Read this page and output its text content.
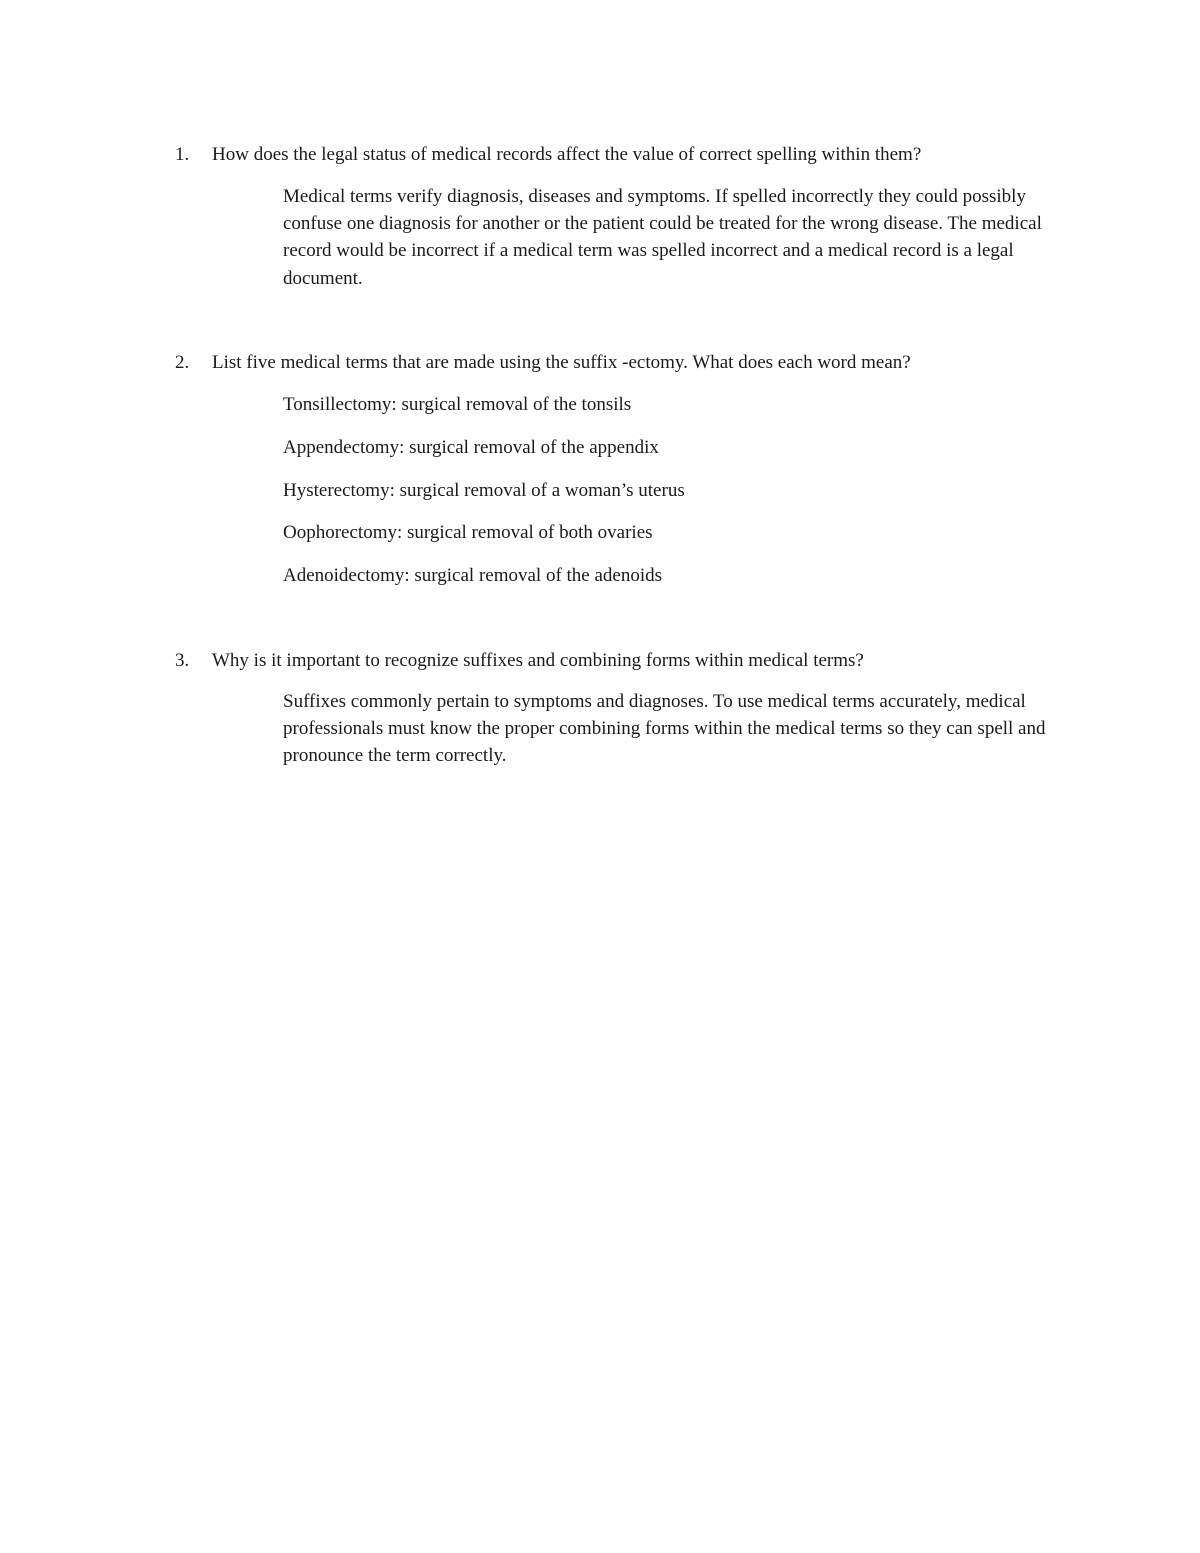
1. How does the legal status of medical records affect the value of correct spelling within them?
Medical terms verify diagnosis, diseases and symptoms. If spelled incorrectly they could possibly confuse one diagnosis for another or the patient could be treated for the wrong disease. The medical record would be incorrect if a medical term was spelled incorrect and a medical record is a legal document.
2. List five medical terms that are made using the suffix -ectomy. What does each word mean?
Tonsillectomy: surgical removal of the tonsils
Appendectomy: surgical removal of the appendix
Hysterectomy: surgical removal of a woman’s uterus
Oophorectomy: surgical removal of both ovaries
Adenoidectomy: surgical removal of the adenoids
3. Why is it important to recognize suffixes and combining forms within medical terms?
Suffixes commonly pertain to symptoms and diagnoses. To use medical terms accurately, medical professionals must know the proper combining forms within the medical terms so they can spell and pronounce the term correctly.
